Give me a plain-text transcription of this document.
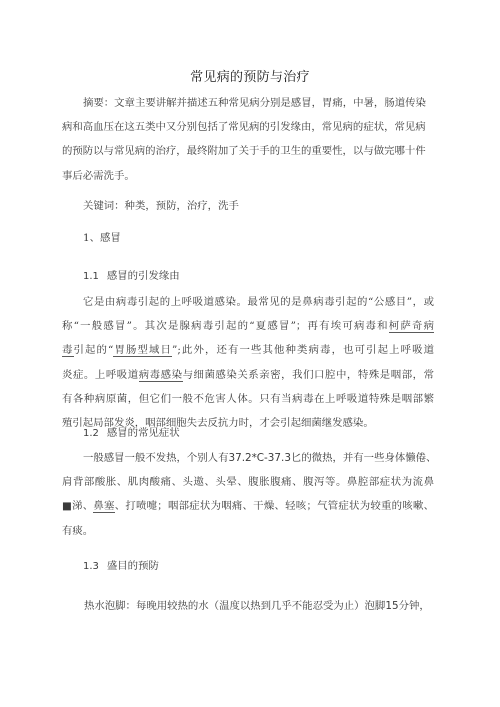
常见病的预防与治疗
摘要：文章主要讲解并描述五种常见病分别是感冒，胃痛，中暑，肠道传染
病和高血压在这五类中又分别包括了常见病的引发缘由，常见病的症状，常见病
的预防以与常见病的治疗，最终附加了关于手的卫生的重要性，以与做完哪十件
事后必需洗手。
关键词：种类，预防，治疗，洗手
1、感冒
1.1 感冒的引发缘由
它是由病毒引起的上呼吸道感染。最常见的是鼻病毒引起的“公感目”，或
称“一般感冒”。其次是腺病毒引起的“夏感冒”；再有埃可病毒和柯萨奇病
毒引起的“胃肠型域日”;此外，还有一些其他种类病毒，也可引起上呼吸道
炎症。上呼吸道病毒感染与细菌感染关系亲密，我们口腔中，特殊是咽部，常
有各种病原菌，但它们一般不危害人体。只有当病毒在上呼吸道特殊是咽部繁
殖引起局部发炎，咽部细胞失去反抗力时，才会引起细菌继发感染。
1.2 感冒的常见症状
一般感冒一般不发热，个别人有37.2*C-37.3匕的微热，并有一些身体懒倦、
肩背部酸胀、肌肉酸痛、头遨、头晕、腹胀腹痛、腹泻等。鼻腔部症状为流鼻
■涕、鼻塞、打喷嚏；咽部症状为咽痛、干燥、轻咳；气管症状为较重的咳嗽、
有痰。
1.3 盛目的预防
热水泡脚：每晚用较热的水（温度以热到几乎不能忍受为止）泡脚15分钟，
